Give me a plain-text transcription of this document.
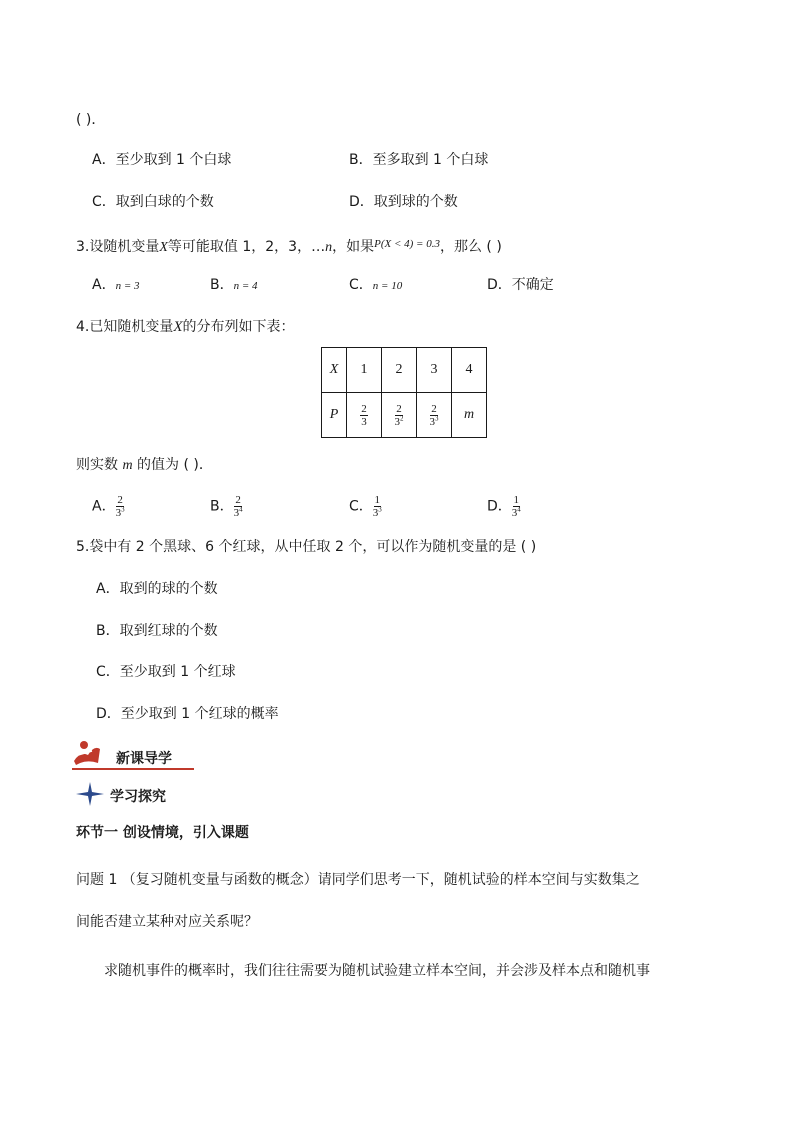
( )．
A．至少取到 1 个白球	B．至多取到 1 个白球
C．取到白球的个数	D．取到球的个数
3.设随机变量X等可能取值 1，2，3，…n，如果$^{P(X < 4) = 0.3}$，那么 ( )
A．n = 3	B．n = 4	C．n = 10	D．不确定
4.已知随机变量X的分布列如下表：
X	1	2	3	4
P	$\frac{2}{3}$	$\frac{2}{3^2}$	$\frac{2}{3^3}$	m
则实数 m 的值为 ( )．
A． $\frac{2}{3^3}$	B． $\frac{2}{3^4}$	C． $\frac{1}{3^3}$	D． $\frac{1}{3^4}$
5.袋中有 2 个黑球、6 个红球，从中任取 2 个，可以作为随机变量的是 ( )
A．取到的球的个数
B．取到红球的个数
C．至少取到 1 个红球
D．至少取到 1 个红球的概率
新课导学
学习探究
环节一 创设情境，引入课题
问题 1 （复习随机变量与函数的概念）请同学们思考一下，随机试验的样本空间与实数集之
间能否建立某种对应关系呢？
求随机事件的概率时，我们往往需要为随机试验建立样本空间，并会涉及样本点和随机事
